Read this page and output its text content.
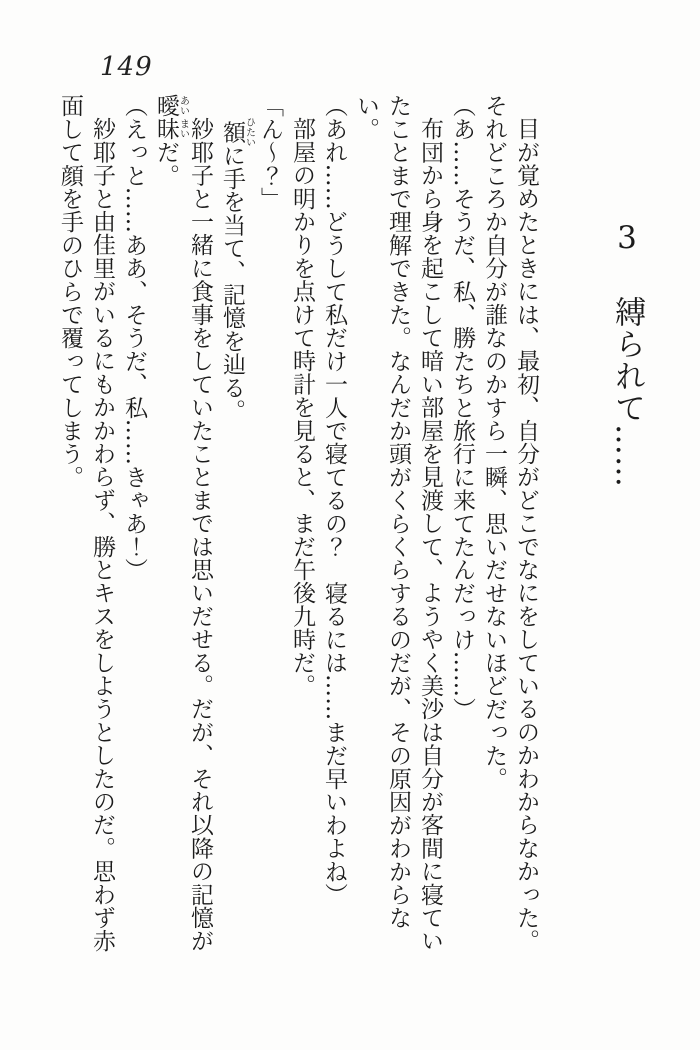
149
3 縛られて……

目が覚めたときには、最初、自分がどこでなにをしているのかわからなかった。それどころか自分が誰なのかすら一瞬、思いだせないほどだった。

（あ……そうだ、私、勝たちと旅行に来てたんだっけ……）

布団から身を起こして暗い部屋を見渡して、ようやく美沙は自分が客間に寝ていたことまで理解できた。なんだか頭がくらくらするのだが、その原因がわからない。

（あれ……どうして私だけ一人で寝てるの？　寝るには……まだ早いわよね）

部屋の明かりを点けて時計を見ると、まだ午後九時だ。

「ん〜？」

額ひたいに手を当て、記憶を辿る。

紗耶子と一緒に食事をしていたことまでは思いだせる。だが、それ以降の記憶が曖あい昧まいだ。

（えっと……ああ、そうだ、私……きゃあ！）

紗耶子と由佳里がいるにもかかわらず、勝とキスをしようとしたのだ。思わず赤面して顔を手のひらで覆ってしまう。
